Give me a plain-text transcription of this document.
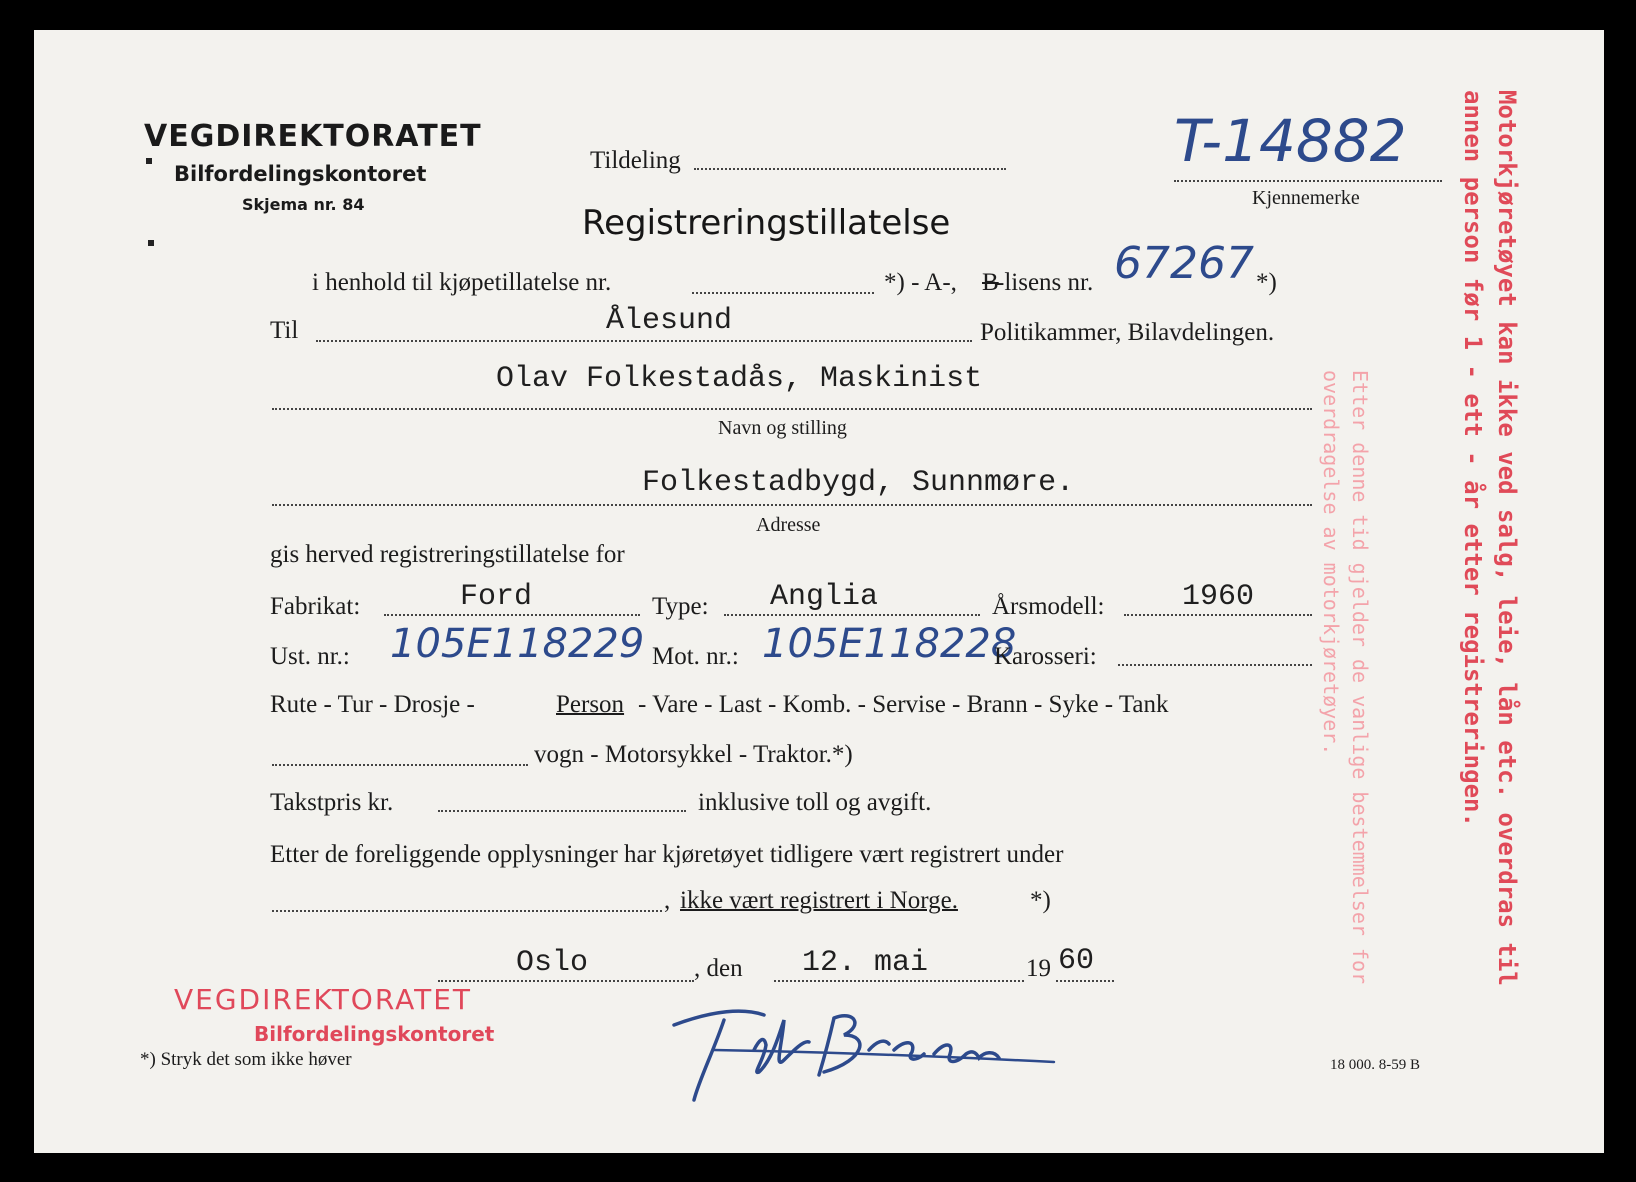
VEGDIREKTORATET
Bilfordelingskontoret
Skjema nr. 84
Tildeling	T-14882
Kjennemerke
Registreringstillatelse
i henhold til kjøpetillatelse nr.	*) - A-, B
-lisens nr. 67267 *)
Til	Ålesund	Politikammer, Bilavdelingen.
Olav Folkestadås, Maskinist
Navn og stilling
Folkestadbygd, Sunnmøre.
Adresse
gis herved registreringstillatelse for
Fabrikat:	Ford	Type: Anglia	Årsmodell:	1960
Ust. nr.: 105E118229 Mot. nr.: 105E118228
Karosseri:
Rute - Tur - Drosje -	Person - Vare - Last - Komb. - Servise - Brann - Syke - Tank
vogn - Motorsykkel - Traktor.*)
Takstpris kr.	inklusive toll og avgift.
Etter de foreliggende opplysninger har kjøretøyet tidligere vært registrert under
, ikke vært registrert i Norge.	*)
Oslo	, den 12. mai	19 60
VEGDIREKTORATET
Bilfordelingskontoret
*) Stryk det som ikke høver	18 000. 8-59 B
Motorkjøretøyet kan ikke ved salg, leie, lån etc. overdras til annen person før 1 - ett - år etter registreringen.
Etter denne tid gjelder de vanlige bestemmelser for overdragelse av motorkjøretøyer.
